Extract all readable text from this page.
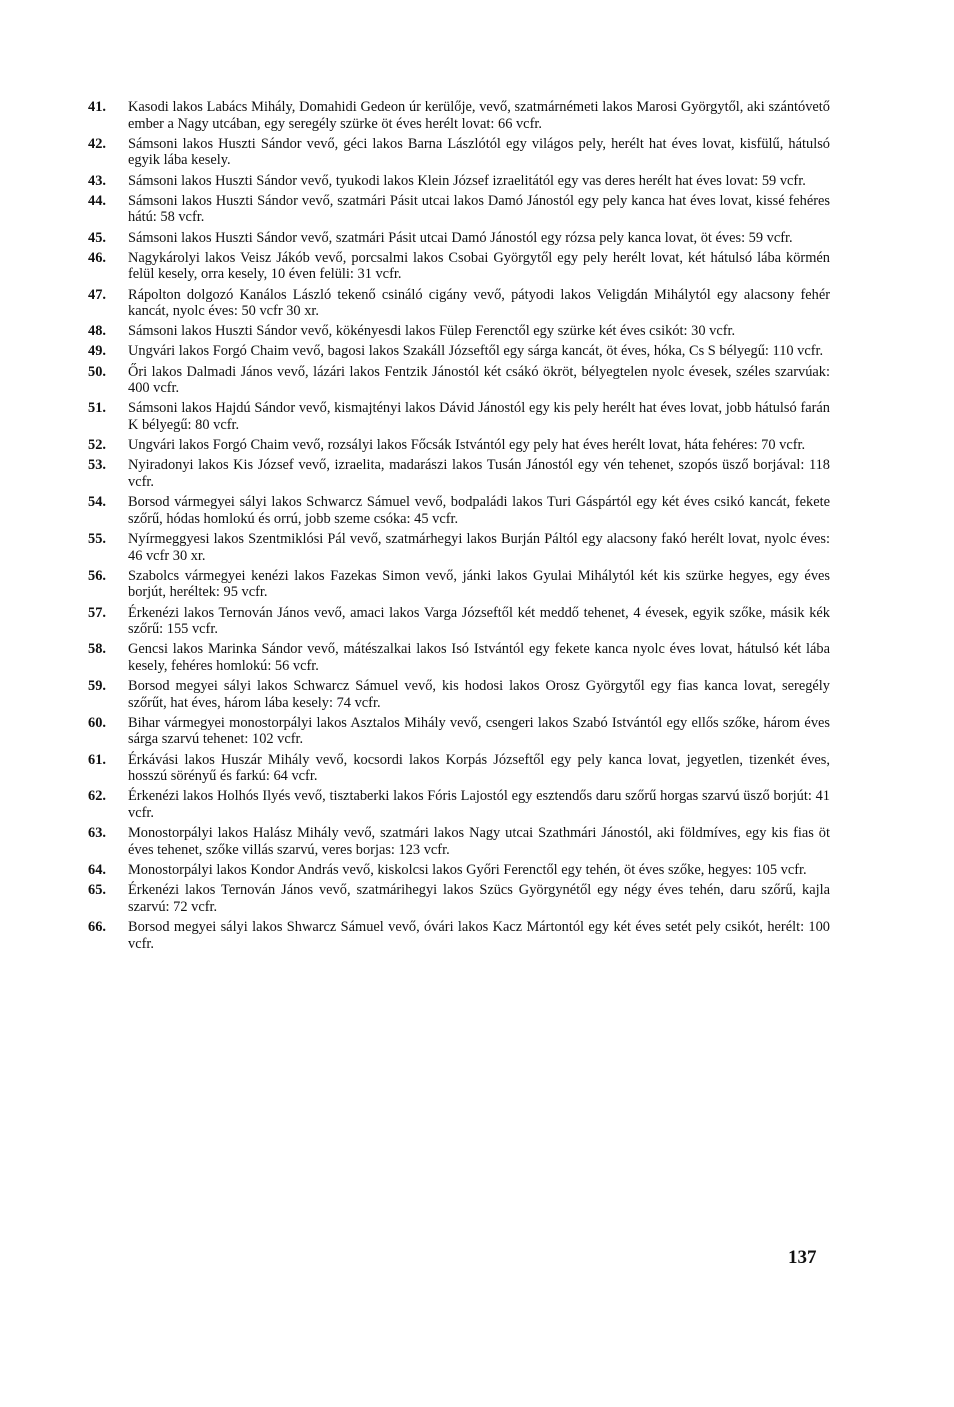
41. Kasodi lakos Labács Mihály, Domahidi Gedeon úr kerülője, vevő, szatmárnémeti lakos Marosi Györgytől, aki szántóvető ember a Nagy utcában, egy seregély szürke öt éves herélt lovat: 66 vcfr.
42. Sámsoni lakos Huszti Sándor vevő, géci lakos Barna Lászlótól egy világos pely, herélt hat éves lovat, kisfülű, hátulsó egyik lába kesely.
43. Sámsoni lakos Huszti Sándor vevő, tyukodi lakos Klein József izraelitától egy vas deres herélt hat éves lovat: 59 vcfr.
44. Sámsoni lakos Huszti Sándor vevő, szatmári Pásit utcai lakos Damó Jánostól egy pely kanca hat éves lovat, kissé fehéres hátú: 58 vcfr.
45. Sámsoni lakos Huszti Sándor vevő, szatmári Pásit utcai Damó Jánostól egy rózsa pely kanca lovat, öt éves: 59 vcfr.
46. Nagykárolyi lakos Veisz Jákób vevő, porcsalmi lakos Csobai Györgytől egy pely herélt lovat, két hátulsó lába körmén felül kesely, orra kesely, 10 éven felüli: 31 vcfr.
47. Rápolton dolgozó Kanálos László tekenő csináló cigány vevő, pátyodi lakos Veligdán Mihálytól egy alacsony fehér kancát, nyolc éves: 50 vcfr 30 xr.
48. Sámsoni lakos Huszti Sándor vevő, kökényesdi lakos Fülep Ferenctől egy szürke két éves csikót: 30 vcfr.
49. Ungvári lakos Forgó Chaim vevő, bagosi lakos Szakáll Józseftől egy sárga kancát, öt éves, hóka, Cs S bélyegű: 110 vcfr.
50. Őri lakos Dalmadi János vevő, lázári lakos Fentzik Jánostól két csákó ökröt, bélyegtelen nyolc évesek, széles szarvúak: 400 vcfr.
51. Sámsoni lakos Hajdú Sándor vevő, kismajtényi lakos Dávid Jánostól egy kis pely herélt hat éves lovat, jobb hátulsó farán K bélyegű: 80 vcfr.
52. Ungvári lakos Forgó Chaim vevő, rozsályi lakos Főcsák Istvántól egy pely hat éves herélt lovat, háta fehéres: 70 vcfr.
53. Nyiradonyi lakos Kis József vevő, izraelita, madarászi lakos Tusán Jánostól egy vén tehenet, szopós üsző borjával: 118 vcfr.
54. Borsod vármegyei sályi lakos Schwarcz Sámuel vevő, bodpaládi lakos Turi Gáspártól egy két éves csikó kancát, fekete szőrű, hódas homlokú és orrú, jobb szeme csóka: 45 vcfr.
55. Nyírmeggyesi lakos Szentmiklósi Pál vevő, szatmárhegyi lakos Burján Páltól egy alacsony fakó herélt lovat, nyolc éves: 46 vcfr 30 xr.
56. Szabolcs vármegyei kenézi lakos Fazekas Simon vevő, jánki lakos Gyulai Mihálytól két kis szürke hegyes, egy éves borjút, heréltek: 95 vcfr.
57. Érkenézi lakos Ternován János vevő, amaci lakos Varga Józseftől két meddő tehenet, 4 évesek, egyik szőke, másik kék szőrű: 155 vcfr.
58. Gencsi lakos Marinka Sándor vevő, mátészalkai lakos Isó Istvántól egy fekete kanca nyolc éves lovat, hátulsó két lába kesely, fehéres homlokú: 56 vcfr.
59. Borsod megyei sályi lakos Schwarcz Sámuel vevő, kis hodosi lakos Orosz Györgytől egy fias kanca lovat, seregély szőrűt, hat éves, három lába kesely: 74 vcfr.
60. Bihar vármegyei monostorpályi lakos Asztalos Mihály vevő, csengeri lakos Szabó Istvántól egy ellős szőke, három éves sárga szarvú tehenet: 102 vcfr.
61. Érkávási lakos Huszár Mihály vevő, kocsordi lakos Korpás Józseftől egy pely kanca lovat, jegyetlen, tizenkét éves, hosszú sörényű és farkú: 64 vcfr.
62. Érkenézi lakos Holhós Ilyés vevő, tisztaberki lakos Fóris Lajostól egy esztendős daru szőrű horgas szarvú üsző borjút: 41 vcfr.
63. Monostorpályi lakos Halász Mihály vevő, szatmári lakos Nagy utcai Szathmári Jánostól, aki földmíves, egy kis fias öt éves tehenet, szőke villás szarvú, veres borjas: 123 vcfr.
64. Monostorpályi lakos Kondor András vevő, kiskolcsi lakos Győri Ferenctől egy tehén, öt éves szőke, hegyes: 105 vcfr.
65. Érkenézi lakos Ternován János vevő, szatmárihegyi lakos Szücs Györgynétől egy négy éves tehén, daru szőrű, kajla szarvú: 72 vcfr.
66. Borsod megyei sályi lakos Shwarcz Sámuel vevő, óvári lakos Kacz Mártontól egy két éves setét pely csikót, herélt: 100 vcfr.
137
